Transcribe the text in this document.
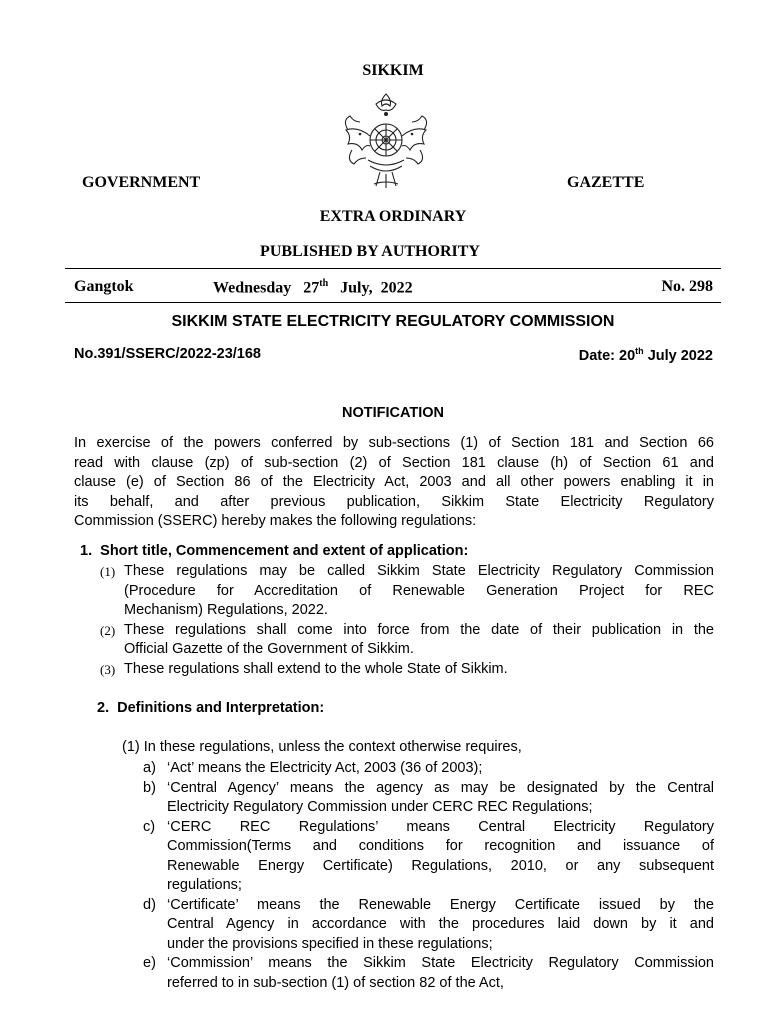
SIKKIM
GOVERNMENT	GAZETTE
EXTRA ORDINARY
PUBLISHED BY AUTHORITY
Gangtok	Wednesday 27th July,  2022	No. 298
SIKKIM STATE ELECTRICITY REGULATORY COMMISSION
No.391/SSERC/2022-23/168	Date: 20th July 2022
NOTIFICATION
In exercise of the powers conferred by sub-sections (1) of Section 181 and Section 66
read with clause (zp) of sub-section (2) of Section 181 clause (h) of Section 61 and
clause (e) of Section 86 of the Electricity Act, 2003 and all other powers enabling it in
its behalf, and after previous publication, Sikkim State Electricity Regulatory
Commission (SSERC) hereby makes the following regulations:
1.  Short title, Commencement and extent of application:
(1) These regulations may be called Sikkim State Electricity Regulatory Commission
(Procedure for Accreditation of Renewable Generation Project for REC
Mechanism) Regulations, 2022.
(2) These regulations shall come into force from the date of their publication in the
Official Gazette of the Government of Sikkim.
(3) These regulations shall extend to the whole State of Sikkim.
2.  Definitions and Interpretation:
(1) In these regulations, unless the context otherwise requires,
a) ‘Act’ means the Electricity Act, 2003 (36 of 2003);
b) ‘Central Agency’ means the agency as may be designated by the Central
Electricity Regulatory Commission under CERC REC Regulations;
c) ‘CERC REC Regulations’ means Central Electricity Regulatory
Commission(Terms and conditions for recognition and issuance of
Renewable Energy Certificate) Regulations, 2010, or any subsequent
regulations;
d) ‘Certificate’ means the Renewable Energy Certificate issued by the
Central Agency in accordance with the procedures laid down by it and
under the provisions specified in these regulations;
e) ‘Commission’ means the Sikkim State Electricity Regulatory Commission
referred to in sub-section (1) of section 82 of the Act,
